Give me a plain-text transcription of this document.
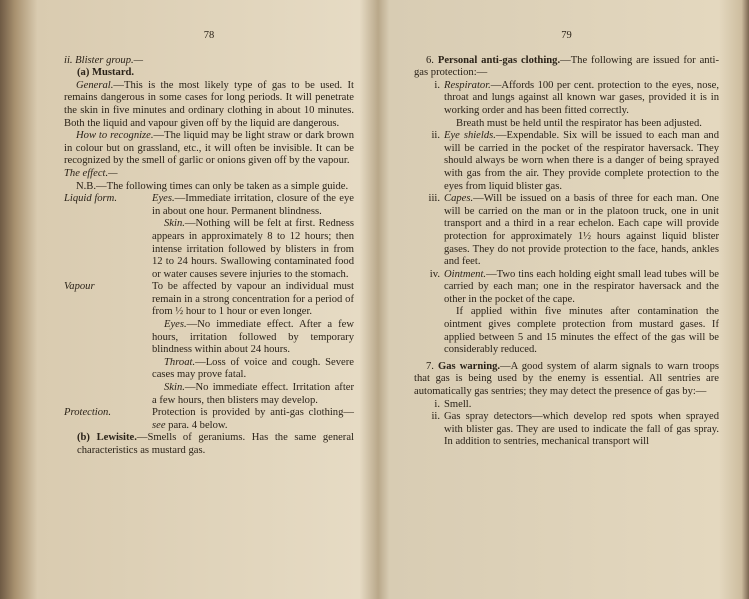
78

ii. Blister group.—

(a) Mustard.

General.—This is the most likely type of gas to be used. It remains dangerous in some cases for long periods. It will penetrate the skin in five minutes and ordinary clothing in about 10 minutes. Both the liquid and vapour given off by the liquid are dangerous.

How to recognize.—The liquid may be light straw or dark brown in colour but on grassland, etc., it will often be invisible. It can be recognized by the smell of garlic or onions given off by the vapour.

The effect.—

N.B.—The following times can only be taken as a simple guide.

Liquid form.	Eyes.—Immediate irritation, closure of the eye in about one hour. Permanent blindness.

Skin.—Nothing will be felt at first. Redness appears in approximately 8 to 12 hours; then intense irritation followed by blisters in from 12 to 24 hours. Swallowing contaminated food or water causes severe injuries to the stomach.

Vapour	To be affected by vapour an individual must remain in a strong concentration for a period of from ½ hour to 1 hour or even longer.

Eyes.—No immediate effect. After a few hours, irritation followed by temporary blindness within about 24 hours.

Throat.—Loss of voice and cough. Severe cases may prove fatal.

Skin.—No immediate effect. Irritation after a few hours, then blisters may develop.

Protection.	Protection is provided by anti-gas clothing—see para. 4 below.

(b) Lewisite.—Smells of geraniums. Has the same general characteristics as mustard gas.

79

6. Personal anti-gas clothing.—The following are issued for anti-gas protection:—

i. Respirator.—Affords 100 per cent. protection to the eyes, nose, throat and lungs against all known war gases, provided it is in working order and has been fitted correctly.

Breath must be held until the respirator has been adjusted.

ii. Eye shields.—Expendable. Six will be issued to each man and will be carried in the pocket of the respirator haversack. They should always be worn when there is a danger of being sprayed with gas from the air. They provide complete protection to the eyes from liquid blister gas.

iii. Capes.—Will be issued on a basis of three for each man. One will be carried on the man or in the platoon truck, one in unit transport and a third in a rear echelon. Each cape will provide protection for approximately 1½ hours against liquid blister gases. They do not provide protection to the face, hands, ankles and feet.

iv. Ointment.—Two tins each holding eight small lead tubes will be carried by each man; one in the respirator haversack and the other in the pocket of the cape.

If applied within five minutes after contamination the ointment gives complete protection from mustard gases. If applied between 5 and 15 minutes the effect of the gas will be considerably reduced.

7. Gas warning.—A good system of alarm signals to warn troops that gas is being used by the enemy is essential. All sentries are automatically gas sentries; they may detect the presence of gas by:—

i. Smell.
ii. Gas spray detectors—which develop red spots when sprayed with blister gas. They are used to indicate the fall of gas spray. In addition to sentries, mechanical transport will
